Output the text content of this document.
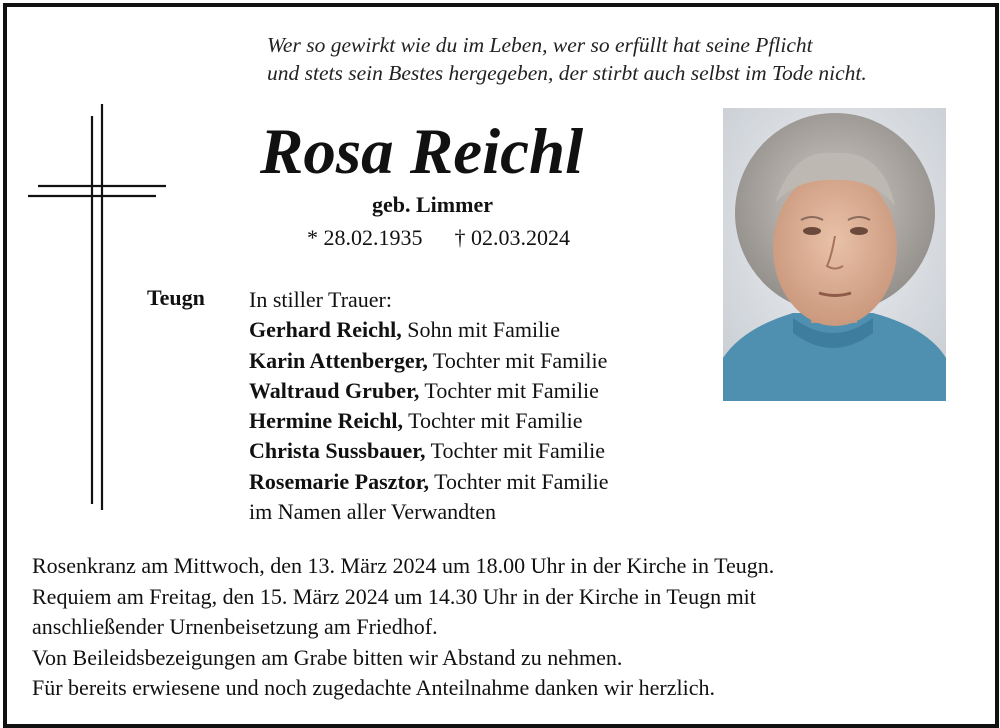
Wer so gewirkt wie du im Leben, wer so erfüllt hat seine Pflicht
und stets sein Bestes hergegeben, der stirbt auch selbst im Tode nicht.
Rosa Reichl
geb. Limmer
* 28.02.1935 † 02.03.2024
Teugn In stiller Trauer:
Gerhard Reichl, Sohn mit Familie
Karin Attenberger, Tochter mit Familie
Waltraud Gruber, Tochter mit Familie
Hermine Reichl, Tochter mit Familie
Christa Sussbauer, Tochter mit Familie
Rosemarie Pasztor, Tochter mit Familie
im Namen aller Verwandten
Rosenkranz am Mittwoch, den 13. März 2024 um 18.00 Uhr in der Kirche in Teugn.
Requiem am Freitag, den 15. März 2024 um 14.30 Uhr in der Kirche in Teugn mit
anschließender Urnenbeisetzung am Friedhof.
Von Beileidsbezeigungen am Grabe bitten wir Abstand zu nehmen.
Für bereits erwiesene und noch zugedachte Anteilnahme danken wir herzlich.
